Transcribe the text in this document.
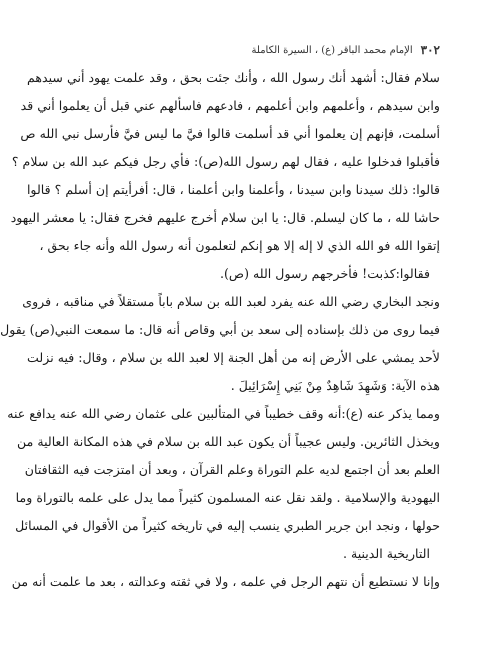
٣٠٢
الإمام محمد الباقر (ع) ، السيرة الكاملة
سلام فقال: أشهد أنك رسول الله ، وأنك جئت بحق ، وقد علمت يهود أني سيدهم
وابن سيدهم ، وأعلمهم وابن أعلمهم ، فادعهم فاسألهم عني قبل أن يعلموا أني قد
أسلمت، فإنهم إن يعلموا أني قد أسلمت قالوا فيَّ ما ليس فيَّ فأرسل نبي الله ص
فأقبلوا فدخلوا عليه ، فقال لهم رسول الله(ص): فأي رجل فيكم عبد الله بن سلام ؟
قالوا: ذلك سيدنا وابن سيدنا ، وأعلمنا وابن أعلمنا ، قال: أفرأيتم إن أسلم ؟ قالوا
حاشا لله ، ما كان ليسلم. قال: يا ابن سلام أخرج عليهم فخرج فقال: يا معشر اليهود
إتقوا الله فو الله الذي لا إله إلا هو إنكم لتعلمون أنه رسول الله وأنه جاء بحق ،
فقالوا:كذبت! فأخرجهم رسول الله (ص).
ونجد البخاري رضي الله عنه يفرد لعبد الله بن سلام باباً مستقلاً في مناقبه ، فروى
فيما روى من ذلك بإسناده إلى سعد بن أبي وقاص أنه قال: ما سمعت النبي(ص) يقول
لأحد يمشي على الأرض إنه من أهل الجنة إلا لعبد الله بن سلام ، وقال: فيه نزلت
هذه الآية: وَشَهِدَ شَاهِدٌ مِنْ بَنِي إِسْرَائِيلَ .
ومما يذكر عنه (ع):أنه وقف خطيباً في المتألبين على عثمان رضي الله عنه يدافع عنه
ويخذل الثائرين. وليس عجيباً أن يكون عبد الله بن سلام في هذه المكانة العالية من
العلم بعد أن اجتمع لديه علم التوراة وعلم القرآن ، وبعد أن امتزجت فيه الثقافتان
اليهودية والإسلامية . ولقد نقل عنه المسلمون كثيراً مما يدل على علمه بالتوراة وما
حولها ، ونجد ابن جرير الطبري ينسب إليه في تاريخه كثيراً من الأقوال في المسائل
التاريخية الدينية .
وإنا لا نستطيع أن نتهم الرجل في علمه ، ولا في ثقته وعدالته ، بعد ما علمت أنه من
